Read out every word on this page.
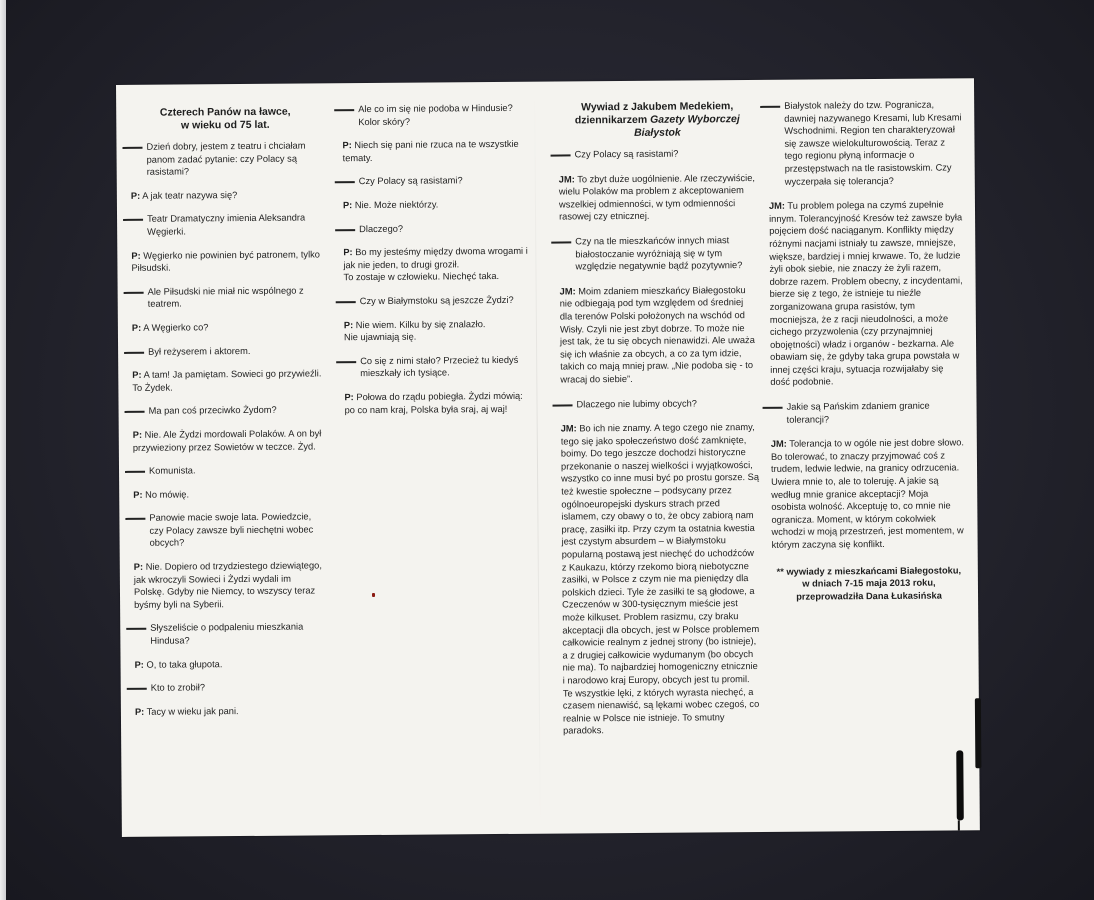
Czterech Panów na ławce,
w wieku od 75 lat.

Dzień dobry, jestem z teatru i chciałam panom zadać pytanie: czy Polacy są rasistami?

P: A jak teatr nazywa się?

Teatr Dramatyczny imienia Aleksandra Węgierki.

P: Węgierko nie powinien być patronem, tylko Piłsudski.

Ale Piłsudski nie miał nic wspólnego z teatrem.

P: A Węgierko co?

Był reżyserem i aktorem.

P: A tam! Ja pamiętam. Sowieci go przywieźli.
To Żydek.

Ma pan coś przeciwko Żydom?

P: Nie. Ale Żydzi mordowali Polaków. A on był przywieziony przez Sowietów w teczce. Żyd.

Komunista.

P: No mówię.

Panowie macie swoje lata. Powiedzcie, czy Polacy zawsze byli niechętni wobec obcych?

P: Nie. Dopiero od trzydziestego dziewiątego, jak wkroczyli Sowieci i Żydzi wydali im Polskę. Gdyby nie Niemcy, to wszyscy teraz byśmy byli na Syberii.

Słyszeliście o podpaleniu mieszkania Hindusa?

P: O, to taka głupota.

Kto to zrobił?

P: Tacy w wieku jak pani.

Ale co im się nie podoba w Hindusie? Kolor skóry?

P: Niech się pani nie rzuca na te wszystkie tematy.

Czy Polacy są rasistami?

P: Nie. Może niektórzy.

Dlaczego?

P: Bo my jesteśmy między dwoma wrogami i jak nie jeden, to drugi groził.
To zostaje w człowieku. Niechęć taka.

Czy w Białymstoku są jeszcze Żydzi?

P: Nie wiem. Kilku by się znalazło.
Nie ujawniają się.

Co się z nimi stało? Przecież tu kiedyś mieszkały ich tysiące.

P: Połowa do rządu pobiegła. Żydzi mówią: po co nam kraj, Polska była sraj, aj waj!

Wywiad z Jakubem Medekiem, dziennikarzem Gazety Wyborczej Białystok

Czy Polacy są rasistami?

JM: To zbyt duże uogólnienie. Ale rzeczywiście, wielu Polaków ma problem z akceptowaniem wszelkiej odmienności, w tym odmienności rasowej czy etnicznej.

Czy na tle mieszkańców innych miast białostoczanie wyróżniają się w tym względzie negatywnie bądź pozytywnie?

JM: Moim zdaniem mieszkańcy Białegostoku nie odbiegają pod tym względem od średniej dla terenów Polski położonych na wschód od Wisły. Czyli nie jest zbyt dobrze. To może nie jest tak, że tu się obcych nienawidzi. Ale uważa się ich właśnie za obcych, a co za tym idzie, takich co mają mniej praw. „Nie podoba się - to wracaj do siebie”.

Dlaczego nie lubimy obcych?

JM: Bo ich nie znamy. A tego czego nie znamy, tego się jako społeczeństwo dość zamknięte, boimy. Do tego jeszcze dochodzi historyczne przekonanie o naszej wielkości i wyjątkowości, wszystko co inne musi być po prostu gorsze. Są też kwestie społeczne – podsycany przez ogólnoeuropejski dyskurs strach przed islamem, czy obawy o to, że obcy zabiorą nam pracę, zasiłki itp. Przy czym ta ostatnia kwestia jest czystym absurdem – w Białymstoku popularną postawą jest niechęć do uchodźców z Kaukazu, którzy rzekomo biorą niebotyczne zasiłki, w Polsce z czym nie ma pieniędzy dla polskich dzieci. Tyle że zasiłki te są głodowe, a Czeczenów w 300-tysięcznym mieście jest może kilkuset. Problem rasizmu, czy braku akceptacji dla obcych, jest w Polsce problemem całkowicie realnym z jednej strony (bo istnieje), a z drugiej całkowicie wydumanym (bo obcych nie ma). To najbardziej homogeniczny etnicznie i narodowo kraj Europy, obcych jest tu promil. Te wszystkie lęki, z których wyrasta niechęć, a czasem nienawiść, są lękami wobec czegoś, co realnie w Polsce nie istnieje. To smutny paradoks.

Białystok należy do tzw. Pogranicza, dawniej nazywanego Kresami, lub Kresami Wschodnimi. Region ten charakteryzował się zawsze wielokulturowością. Teraz z tego regionu płyną informacje o przestępstwach na tle rasistowskim. Czy wyczerpała się tolerancja?

JM: Tu problem polega na czymś zupełnie innym. Tolerancyjność Kresów też zawsze była pojęciem dość naciąganym. Konflikty między różnymi nacjami istniały tu zawsze, mniejsze, większe, bardziej i mniej krwawe. To, że ludzie żyli obok siebie, nie znaczy że żyli razem, dobrze razem. Problem obecny, z incydentami, bierze się z tego, że istnieje tu nieźle zorganizowana grupa rasistów, tym mocniejsza, że z racji nieudolności, a może cichego przyzwolenia (czy przynajmniej obojętności) władz i organów - bezkarna. Ale obawiam się, że gdyby taka grupa powstała w innej części kraju, sytuacja rozwijałaby się dość podobnie.

Jakie są Pańskim zdaniem granice tolerancji?

JM: Tolerancja to w ogóle nie jest dobre słowo. Bo tolerować, to znaczy przyjmować coś z trudem, ledwie ledwie, na granicy odrzucenia. Uwiera mnie to, ale to toleruję. A jakie są według mnie granice akceptacji? Moja osobista wolność. Akceptuję to, co mnie nie ogranicza. Moment, w którym cokolwiek wchodzi w moją przestrzeń, jest momentem, w którym zaczyna się konflikt.

** wywiady z mieszkańcami Białegostoku, w dniach 7-15 maja 2013 roku, przeprowadziła Dana Łukasińska
